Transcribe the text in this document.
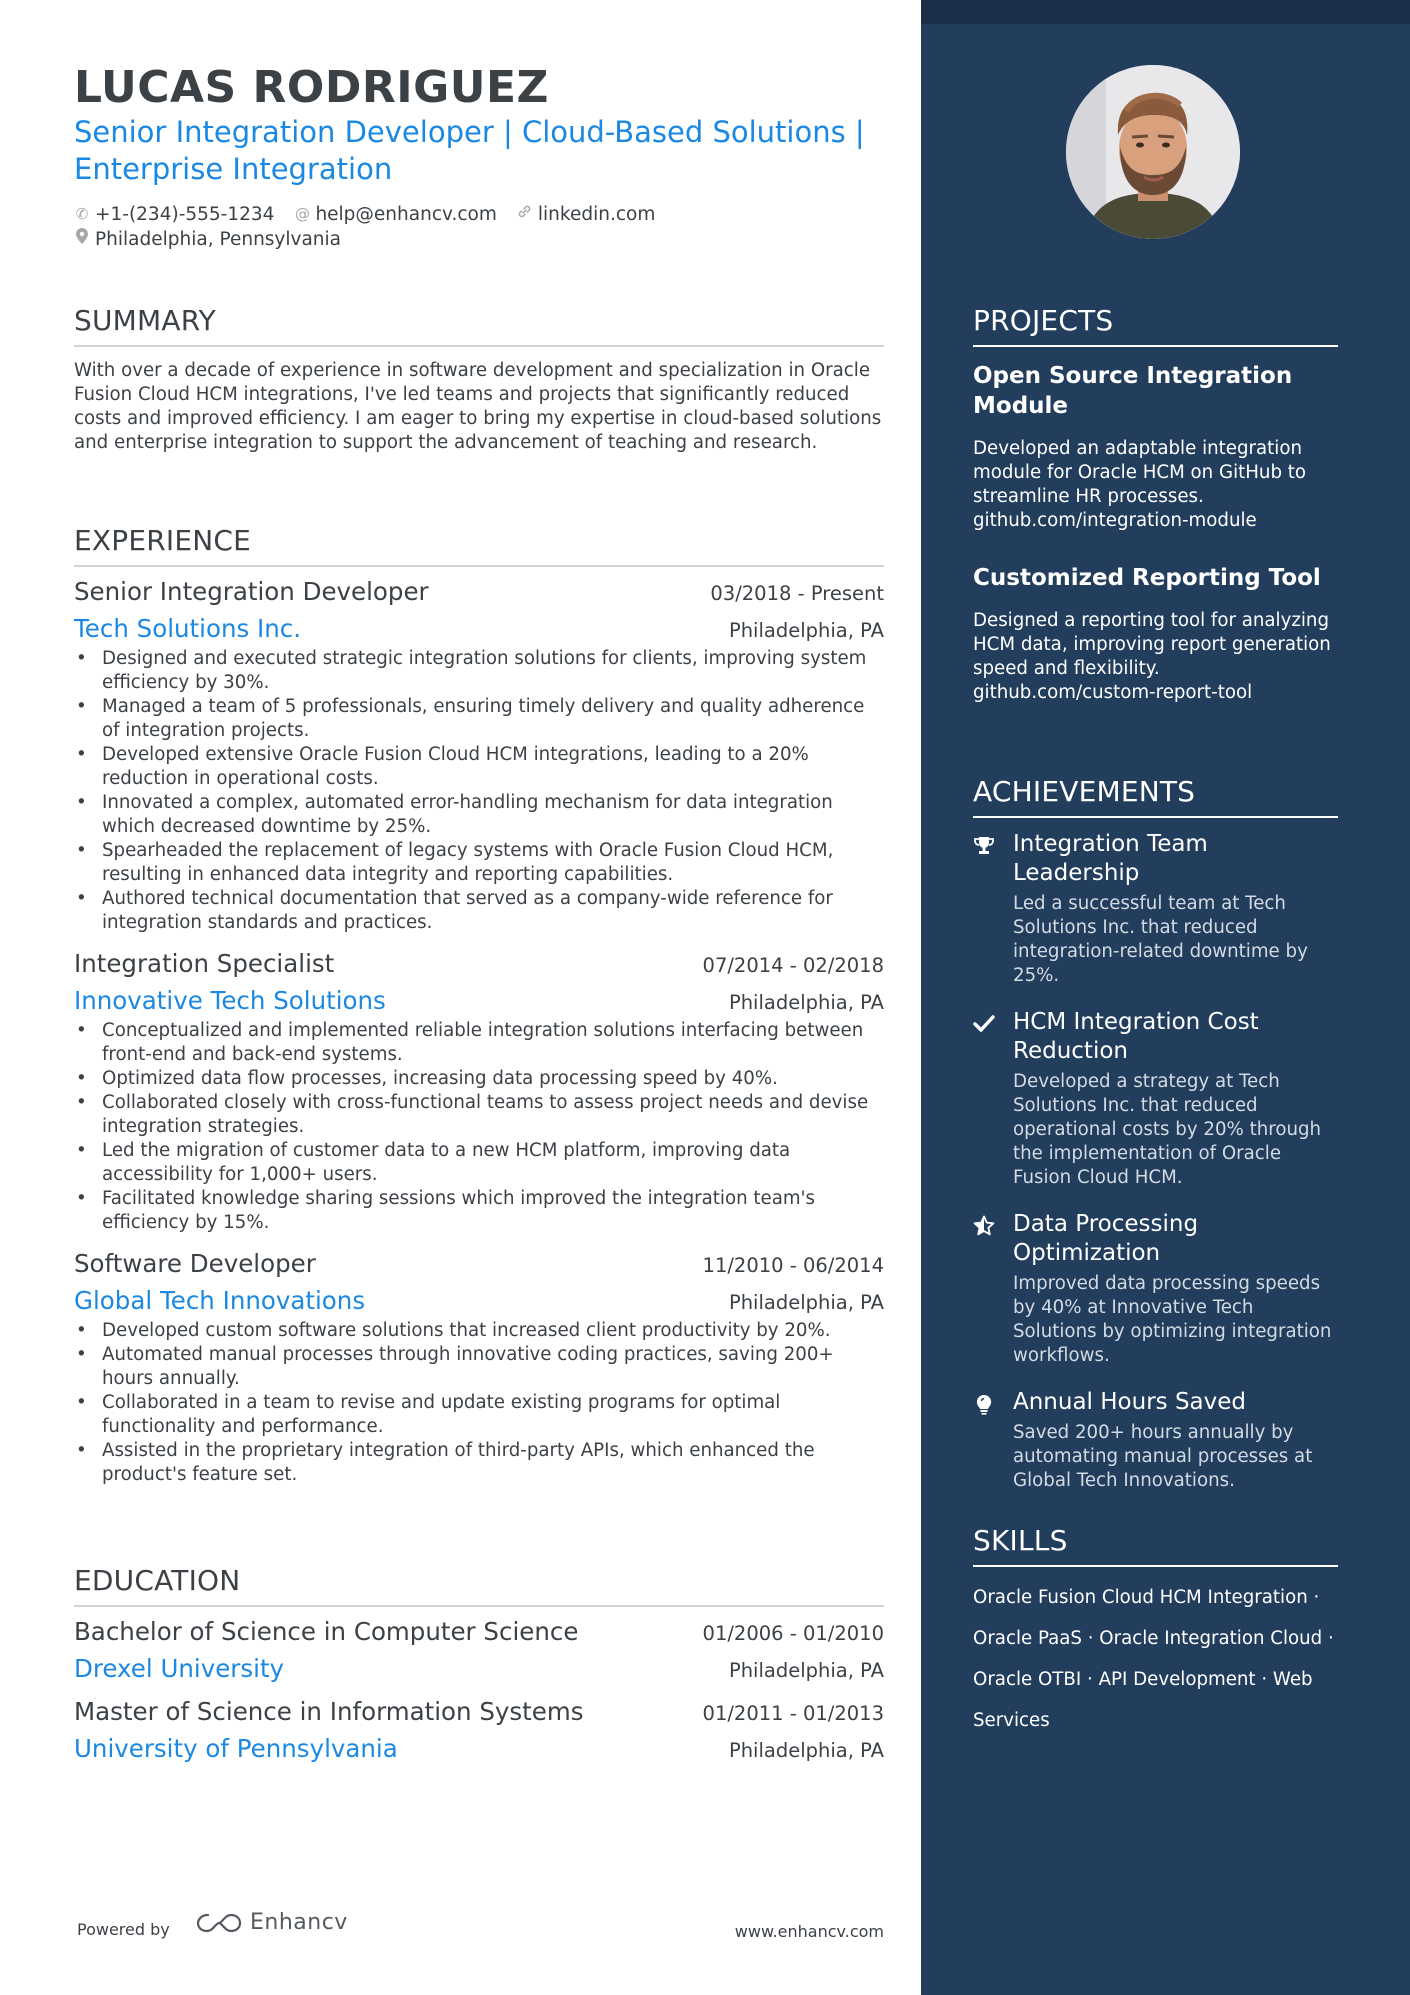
LUCAS RODRIGUEZ
Senior Integration Developer | Cloud-Based Solutions | Enterprise Integration
✆ +1-(234)-555-1234 @ help@enhancv.com linkedin.com
Philadelphia, Pennsylvania
SUMMARY
With over a decade of experience in software development and specialization in Oracle Fusion Cloud HCM integrations, I've led teams and projects that significantly reduced costs and improved efficiency. I am eager to bring my expertise in cloud-based solutions and enterprise integration to support the advancement of teaching and research.
EXPERIENCE
Senior Integration Developer	03/2018 - Present
Tech Solutions Inc.	Philadelphia, PA
• Designed and executed strategic integration solutions for clients, improving system efficiency by 30%.
• Managed a team of 5 professionals, ensuring timely delivery and quality adherence of integration projects.
• Developed extensive Oracle Fusion Cloud HCM integrations, leading to a 20% reduction in operational costs.
• Innovated a complex, automated error-handling mechanism for data integration which decreased downtime by 25%.
• Spearheaded the replacement of legacy systems with Oracle Fusion Cloud HCM, resulting in enhanced data integrity and reporting capabilities.
• Authored technical documentation that served as a company-wide reference for integration standards and practices.
Integration Specialist	07/2014 - 02/2018
Innovative Tech Solutions	Philadelphia, PA
• Conceptualized and implemented reliable integration solutions interfacing between front-end and back-end systems.
• Optimized data flow processes, increasing data processing speed by 40%.
• Collaborated closely with cross-functional teams to assess project needs and devise integration strategies.
• Led the migration of customer data to a new HCM platform, improving data accessibility for 1,000+ users.
• Facilitated knowledge sharing sessions which improved the integration team's efficiency by 15%.
Software Developer	11/2010 - 06/2014
Global Tech Innovations	Philadelphia, PA
• Developed custom software solutions that increased client productivity by 20%.
• Automated manual processes through innovative coding practices, saving 200+ hours annually.
• Collaborated in a team to revise and update existing programs for optimal functionality and performance.
• Assisted in the proprietary integration of third-party APIs, which enhanced the product's feature set.
EDUCATION
Bachelor of Science in Computer Science	01/2006 - 01/2010
Drexel University	Philadelphia, PA
Master of Science in Information Systems	01/2011 - 01/2013
University of Pennsylvania	Philadelphia, PA
Powered by	Enhancv	www.enhancv.com
PROJECTS
Open Source Integration Module
Developed an adaptable integration module for Oracle HCM on GitHub to streamline HR processes. github.com/integration-module
Customized Reporting Tool
Designed a reporting tool for analyzing HCM data, improving report generation speed and flexibility. github.com/custom-report-tool
ACHIEVEMENTS
Integration Team Leadership
Led a successful team at Tech Solutions Inc. that reduced integration-related downtime by 25%.
HCM Integration Cost Reduction
Developed a strategy at Tech Solutions Inc. that reduced operational costs by 20% through the implementation of Oracle Fusion Cloud HCM.
Data Processing Optimization
Improved data processing speeds by 40% at Innovative Tech Solutions by optimizing integration workflows.
Annual Hours Saved
Saved 200+ hours annually by automating manual processes at Global Tech Innovations.
SKILLS
Oracle Fusion Cloud HCM Integration · Oracle PaaS · Oracle Integration Cloud · Oracle OTBI · API Development · Web Services
